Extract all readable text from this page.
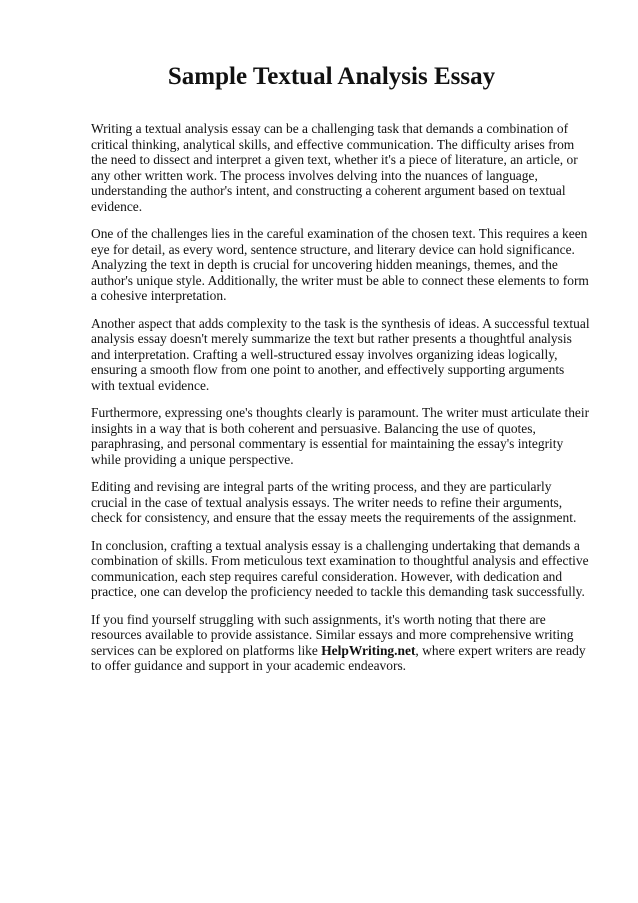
Sample Textual Analysis Essay

Writing a textual analysis essay can be a challenging task that demands a combination of critical thinking, analytical skills, and effective communication. The difficulty arises from the need to dissect and interpret a given text, whether it's a piece of literature, an article, or any other written work. The process involves delving into the nuances of language, understanding the author's intent, and constructing a coherent argument based on textual evidence.

One of the challenges lies in the careful examination of the chosen text. This requires a keen eye for detail, as every word, sentence structure, and literary device can hold significance. Analyzing the text in depth is crucial for uncovering hidden meanings, themes, and the author's unique style. Additionally, the writer must be able to connect these elements to form a cohesive interpretation.

Another aspect that adds complexity to the task is the synthesis of ideas. A successful textual analysis essay doesn't merely summarize the text but rather presents a thoughtful analysis and interpretation. Crafting a well-structured essay involves organizing ideas logically, ensuring a smooth flow from one point to another, and effectively supporting arguments with textual evidence.

Furthermore, expressing one's thoughts clearly is paramount. The writer must articulate their insights in a way that is both coherent and persuasive. Balancing the use of quotes, paraphrasing, and personal commentary is essential for maintaining the essay's integrity while providing a unique perspective.

Editing and revising are integral parts of the writing process, and they are particularly crucial in the case of textual analysis essays. The writer needs to refine their arguments, check for consistency, and ensure that the essay meets the requirements of the assignment.

In conclusion, crafting a textual analysis essay is a challenging undertaking that demands a combination of skills. From meticulous text examination to thoughtful analysis and effective communication, each step requires careful consideration. However, with dedication and practice, one can develop the proficiency needed to tackle this demanding task successfully.

If you find yourself struggling with such assignments, it's worth noting that there are resources available to provide assistance. Similar essays and more comprehensive writing services can be explored on platforms like HelpWriting.net, where expert writers are ready to offer guidance and support in your academic endeavors.
